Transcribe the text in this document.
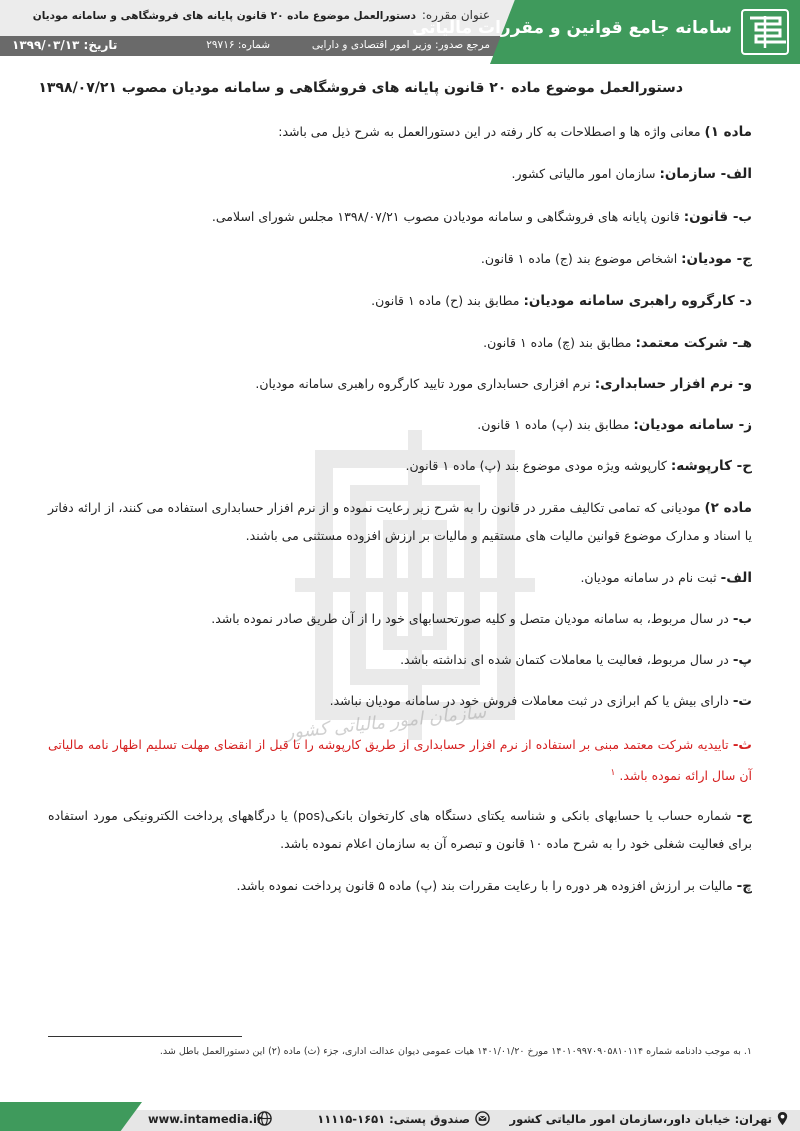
سامانه جامع قوانین و مقررات مالیاتی
عنوان مقرره:
دستورالعمل موضوع ماده ۲۰ قانون پایانه های فروشگاهی و سامانه مودیان
مرجع صدور: وزیر امور اقتصادی و دارایی
شماره: ۲۹۷۱۶
تاریخ: ۱۳۹۹/۰۳/۱۳
سازمان امور مالیاتی کشور
دستورالعمل موضوع ماده ۲۰ قانون پایانه های فروشگاهی و سامانه مودیان مصوب ۱۳۹۸/۰۷/۲۱
ماده ۱) معانی واژه ها و اصطلاحات به کار رفته در این دستورالعمل به شرح ذیل می باشد:
الف- سازمان: سازمان امور مالیاتی کشور.
ب- قانون: قانون پایانه های فروشگاهی و سامانه مودیادن مصوب ۱۳۹۸/۰۷/۲۱ مجلس شورای اسلامی.
ج- مودیان: اشخاص موضوع بند (ج) ماده ۱ قانون.
د- کارگروه راهبری سامانه مودیان: مطابق بند (ح) ماده ۱ قانون.
هـ- شرکت معتمد: مطابق بند (چ) ماده ۱ قانون.
و- نرم افزار حسابداری: نرم افزاری حسابداری مورد تایید کارگروه راهبری سامانه مودیان.
ز- سامانه مودیان: مطابق بند (پ) ماده ۱ قانون.
ح- کارپوشه: کارپوشه ویژه مودی موضوع بند (پ) ماده ۱ قانون.
ماده ۲) مودیانی که تمامی تکالیف مقرر در قانون را به شرح زیر رعایت نموده و از نرم افزار حسابداری استفاده می کنند، از ارائه دفاتر یا اسناد و مدارک موضوع قوانین مالیات های مستقیم و مالیات بر ارزش افزوده مستثنی می باشند.
الف- ثبت نام در سامانه مودیان.
ب- در سال مربوط، به سامانه مودیان متصل و کلیه صورتحسابهای خود را از آن طریق صادر نموده باشد.
پ- در سال مربوط، فعالیت یا معاملات کتمان شده ای نداشته باشد.
ت- دارای بیش یا کم ابرازی در ثبت معاملات فروش خود در سامانه مودیان نباشد.
ث- تاییدیه شرکت معتمد مبنی بر استفاده از نرم افزار حسابداری از طریق کارپوشه را تا قبل از انقضای مهلت تسلیم اظهار نامه مالیاتی آن سال ارائه نموده باشد. $^۱$
ج- شماره حساب یا حسابهای بانکی و شناسه یکتای دستگاه های کارتخوان بانکی(pos) یا درگاههای پرداخت الکترونیکی مورد استفاده برای فعالیت شغلی خود را به شرح ماده ۱۰ قانون و تبصره آن به سازمان اعلام نموده باشد.
چ- مالیات بر ارزش افزوده هر دوره را با رعایت مقررات بند (پ) ماده ۵ قانون پرداخت نموده باشد.
۱. به موجب دادنامه شماره ۱۴۰۱۰۹۹۷۰۹۰۵۸۱۰۱۱۴ مورخ ۱۴۰۱/۰۱/۲۰ هیات عمومی دیوان عدالت اداری، جزء (ث) ماده (۲) این دستورالعمل باطل شد.
تهران: خیابان داور،سازمان امور مالیاتی کشور
صندوق پستی: ۱۶۵۱-۱۱۱۱۵
www.intamedia.ir
